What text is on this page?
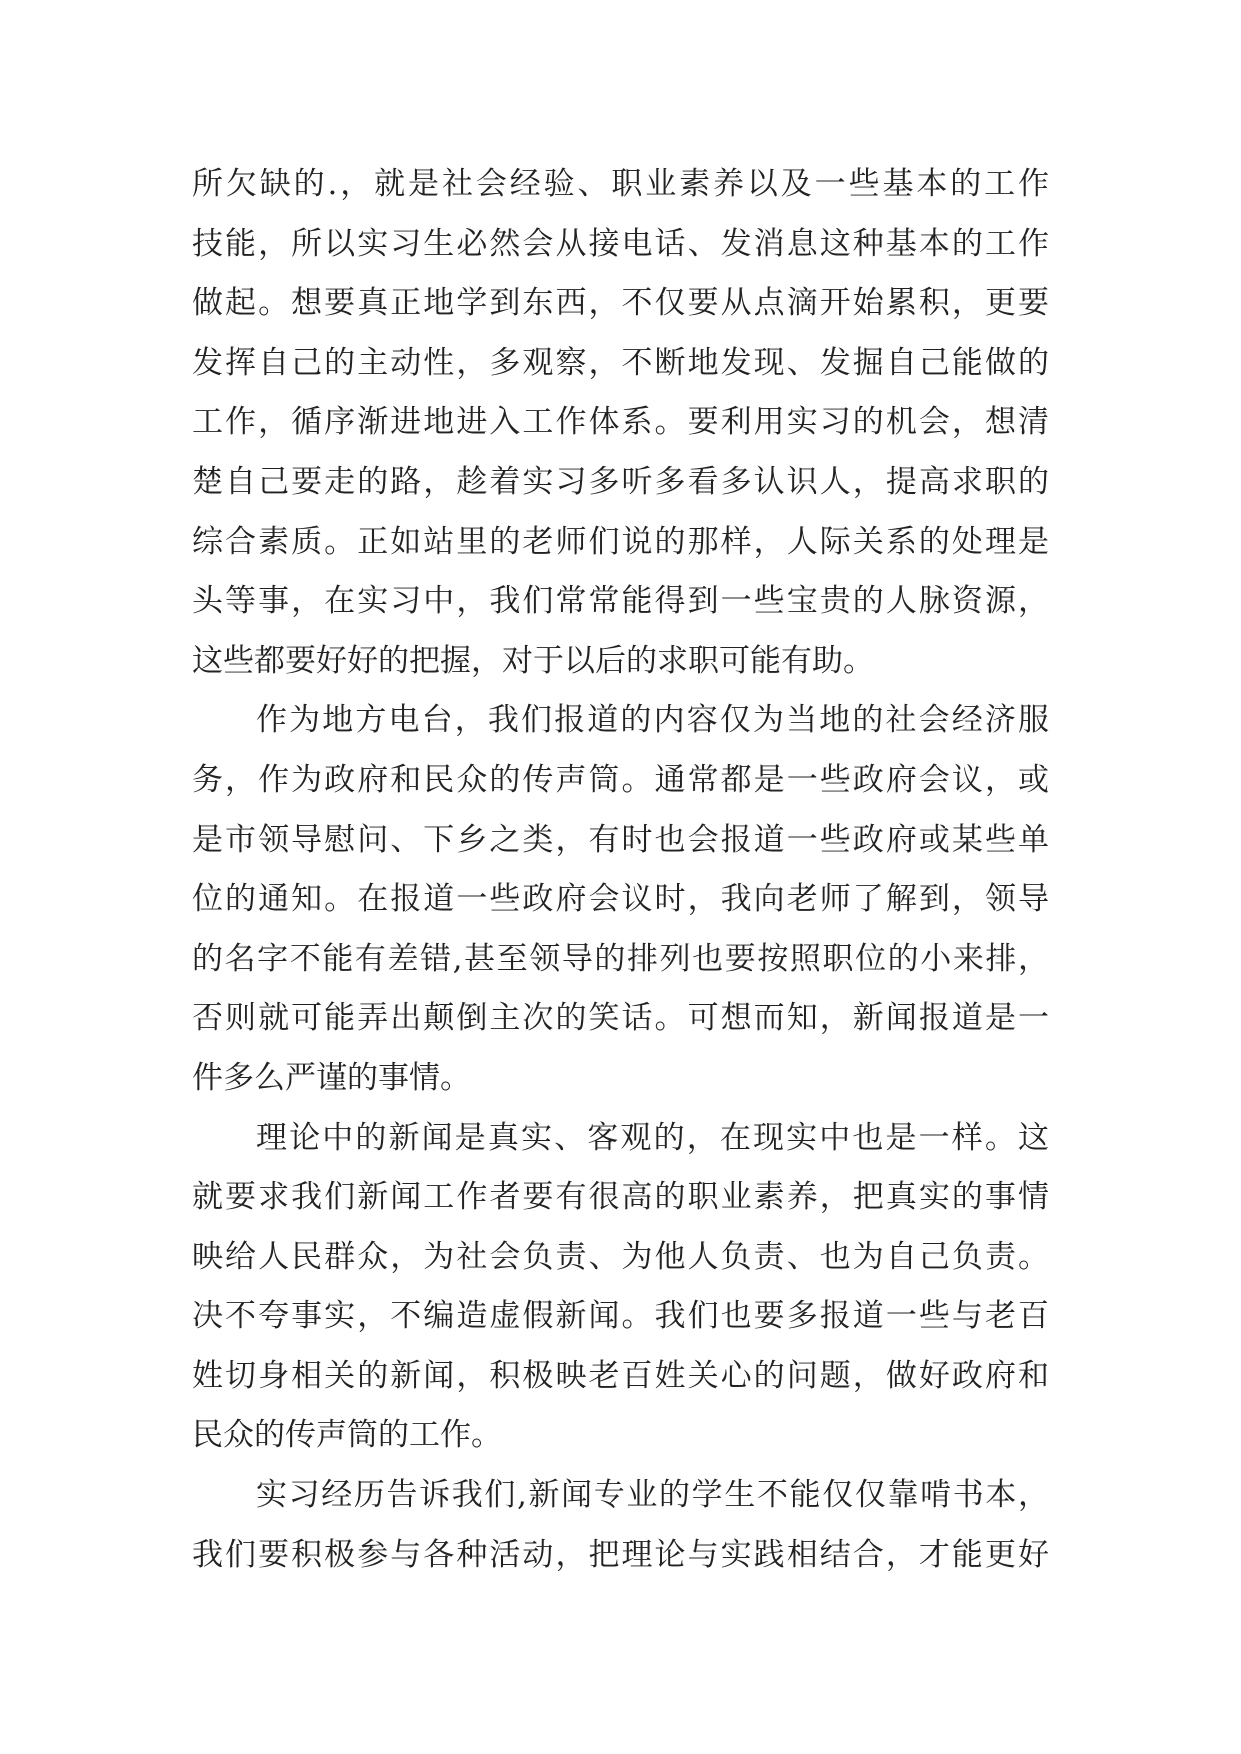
所欠缺的.，就是社会经验、职业素养以及一些基本的工作
技能，所以实习生必然会从接电话、发消息这种基本的工作
做起。想要真正地学到东西，不仅要从点滴开始累积，更要
发挥自己的主动性，多观察，不断地发现、发掘自己能做的
工作，循序渐进地进入工作体系。要利用实习的机会，想清
楚自己要走的路，趁着实习多听多看多认识人，提高求职的
综合素质。正如站里的老师们说的那样，人际关系的处理是
头等事，在实习中，我们常常能得到一些宝贵的人脉资源，
这些都要好好的把握，对于以后的求职可能有助。
作为地方电台，我们报道的内容仅为当地的社会经济服
务，作为政府和民众的传声筒。通常都是一些政府会议，或
是市领导慰问、下乡之类，有时也会报道一些政府或某些单
位的通知。在报道一些政府会议时，我向老师了解到，领导
的名字不能有差错,甚至领导的排列也要按照职位的小来排，
否则就可能弄出颠倒主次的笑话。可想而知，新闻报道是一
件多么严谨的事情。
理论中的新闻是真实、客观的，在现实中也是一样。这
就要求我们新闻工作者要有很高的职业素养，把真实的事情
映给人民群众，为社会负责、为他人负责、也为自己负责。
决不夸事实，不编造虚假新闻。我们也要多报道一些与老百
姓切身相关的新闻，积极映老百姓关心的问题，做好政府和
民众的传声筒的工作。
实习经历告诉我们,新闻专业的学生不能仅仅靠啃书本，
我们要积极参与各种活动，把理论与实践相结合，才能更好
